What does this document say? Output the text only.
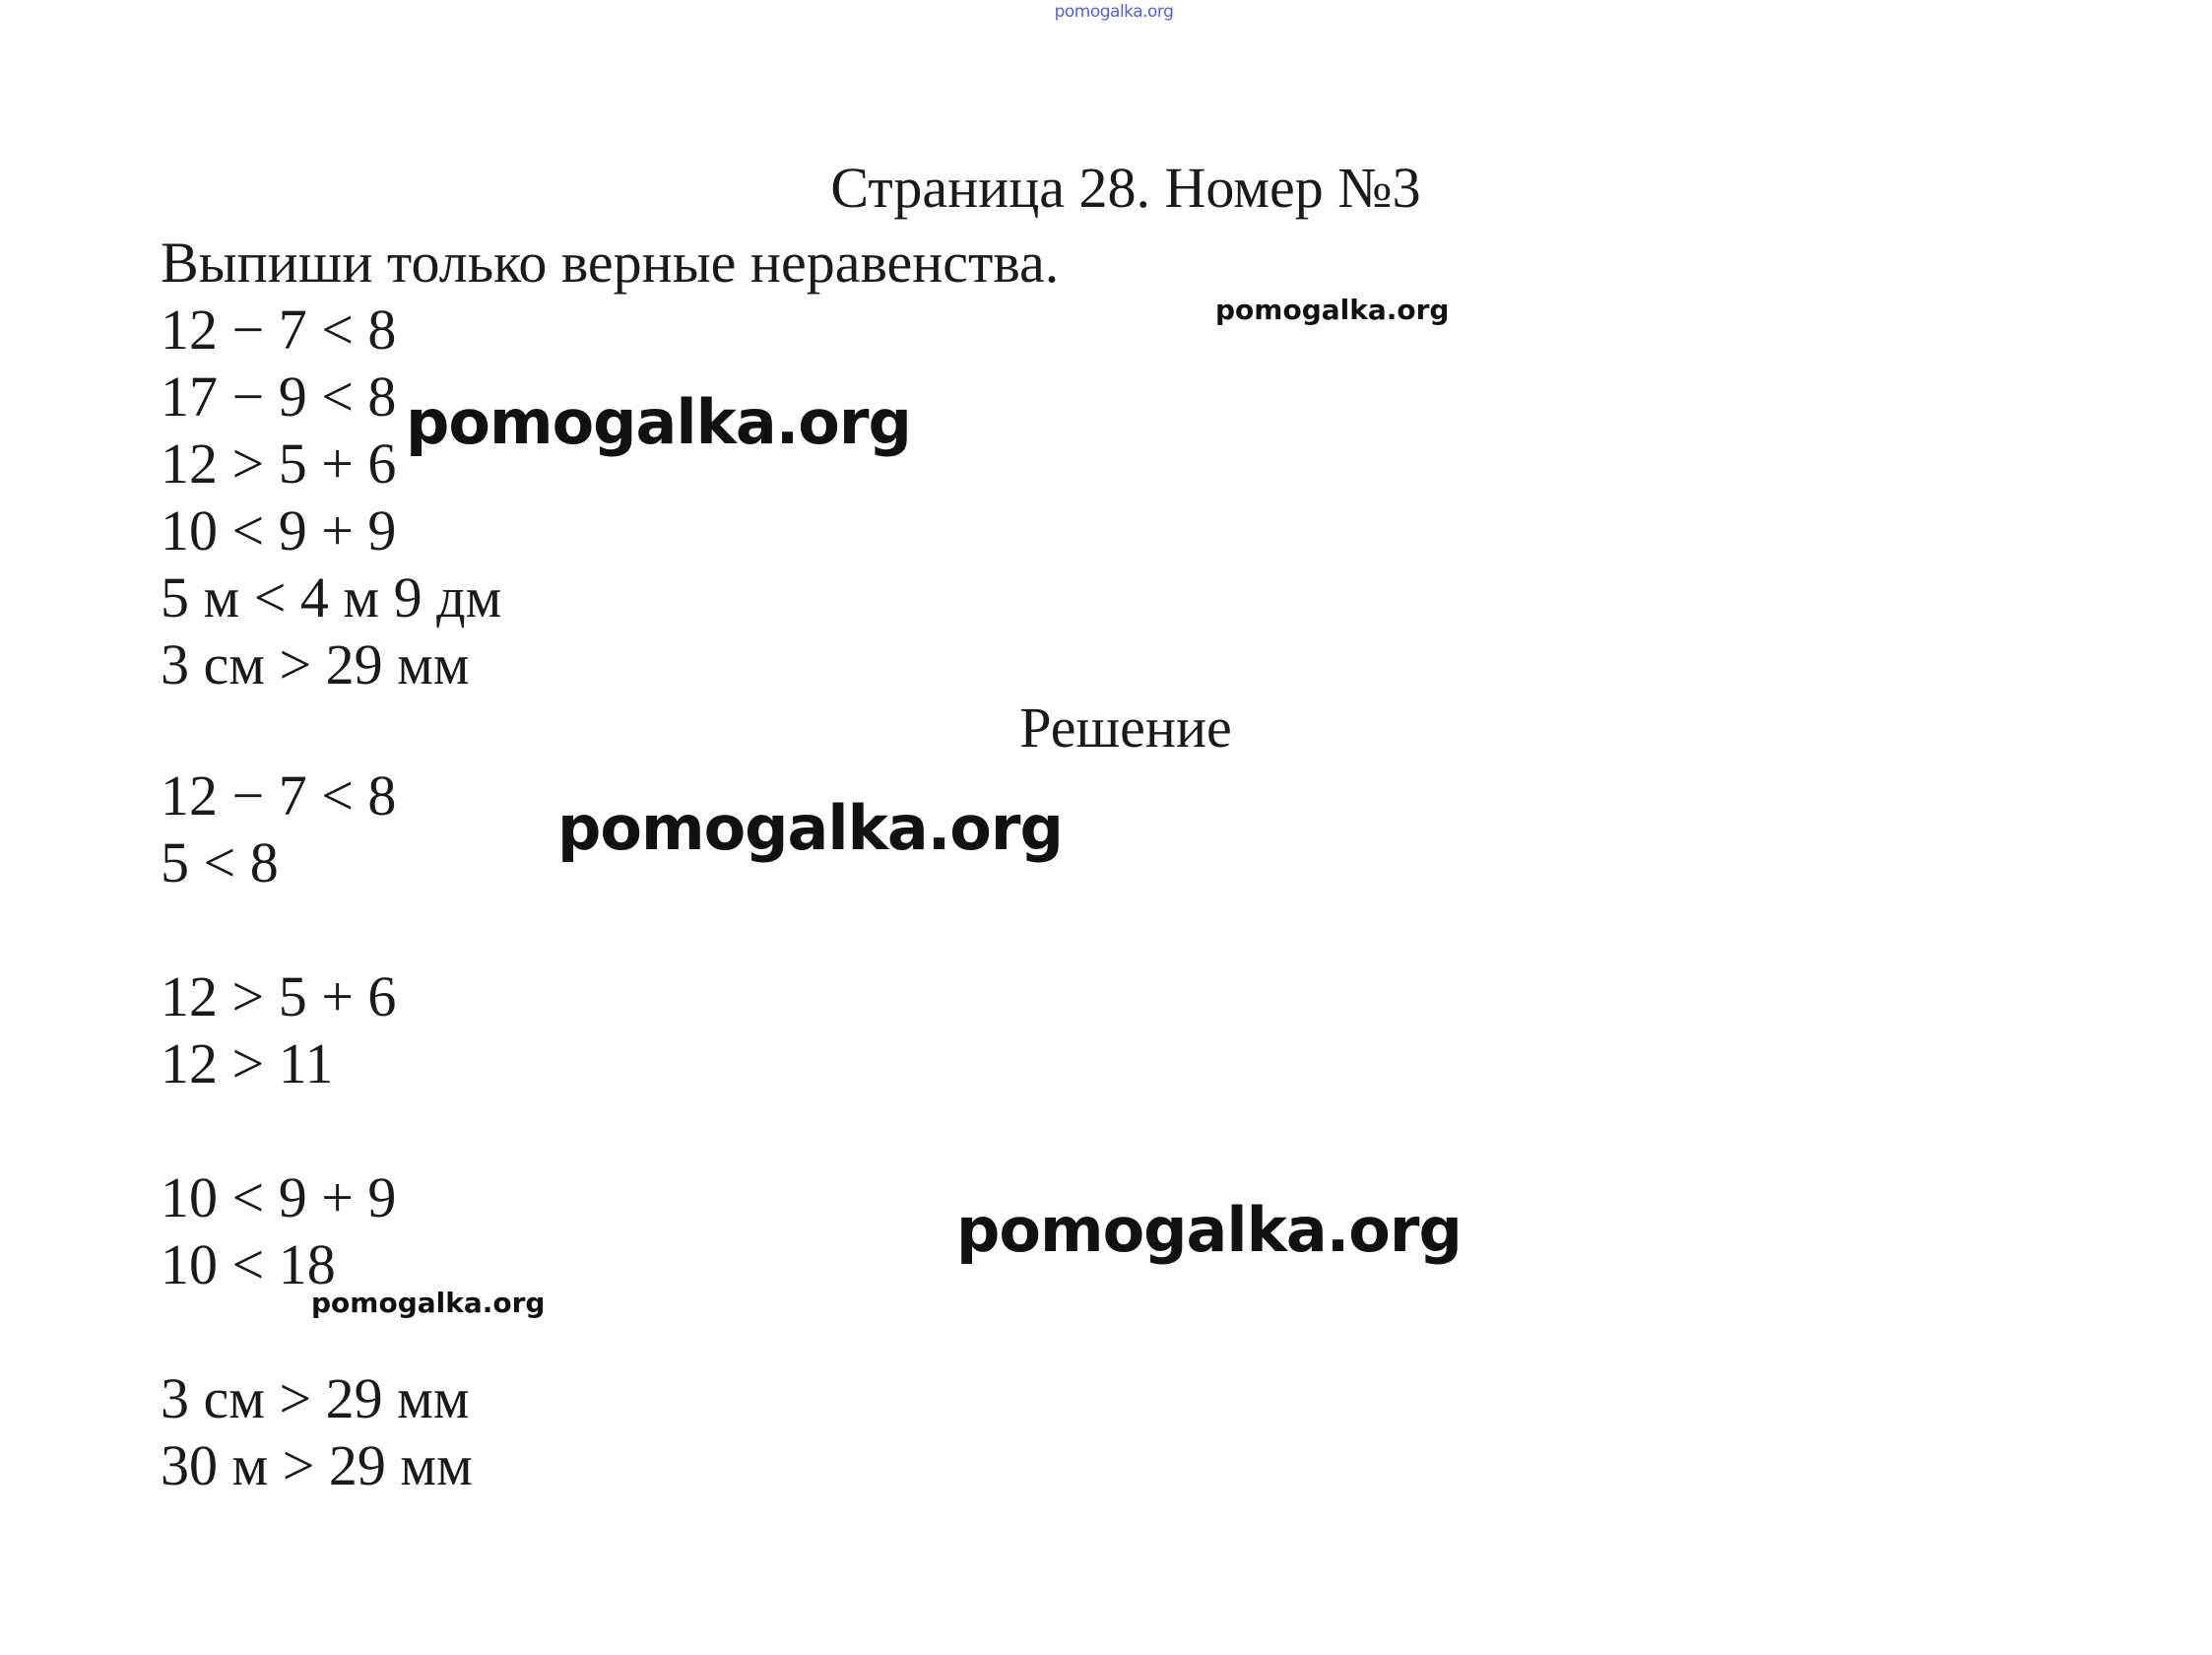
pomogalka.org
Страница 28. Номер №3
Выпиши только верные неравенства.
12 − 7 < 8
17 − 9 < 8
12 > 5 + 6
10 < 9 + 9
5 м < 4 м 9 дм
3 см > 29 мм
Решение
12 − 7 < 8
5 < 8
12 > 5 + 6
12 > 11
10 < 9 + 9
10 < 18
3 см > 29 мм
30 м > 29 мм
pomogalka.org
pomogalka.org
pomogalka.org
pomogalka.org
pomogalka.org
